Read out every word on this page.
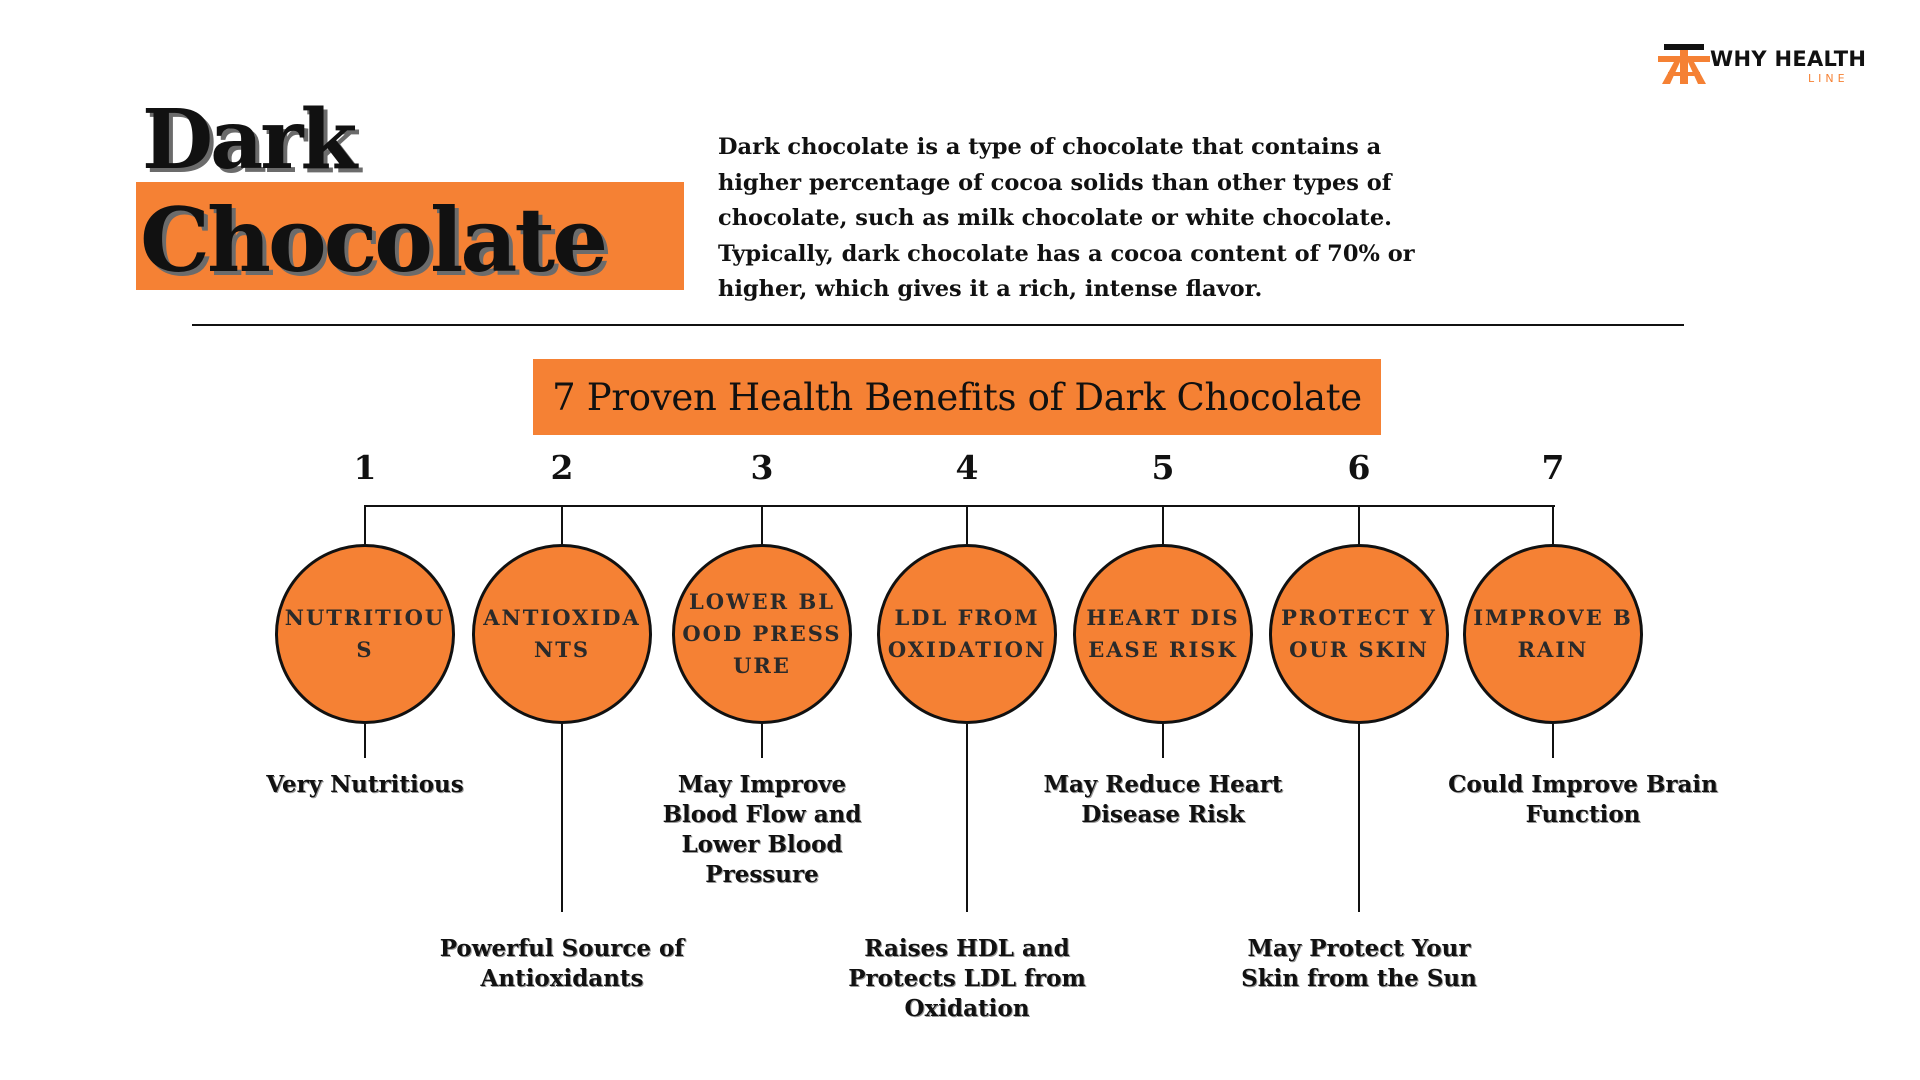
WHY HEALTH
LINE
Dark
Chocolate
Dark chocolate is a type of chocolate that contains a higher percentage of cocoa solids than other types of chocolate, such as milk chocolate or white chocolate. Typically, dark chocolate has a cocoa content of 70% or higher, which gives it a rich, intense flavor.
7 Proven Health Benefits of Dark Chocolate
1
NUTRITIOUS
Very Nutritious
2
ANTIOXIDANTS
Powerful Source of Antioxidants
3
LOWER BLOOD PRESSURE
May Improve Blood Flow and Lower Blood Pressure
4
LDL FROM OXIDATION
Raises HDL and Protects LDL from Oxidation
5
HEART DISEASE RISK
May Reduce Heart Disease Risk
6
PROTECT YOUR SKIN
May Protect Your Skin from the Sun
7
IMPROVE BRAIN
Could Improve Brain Function
